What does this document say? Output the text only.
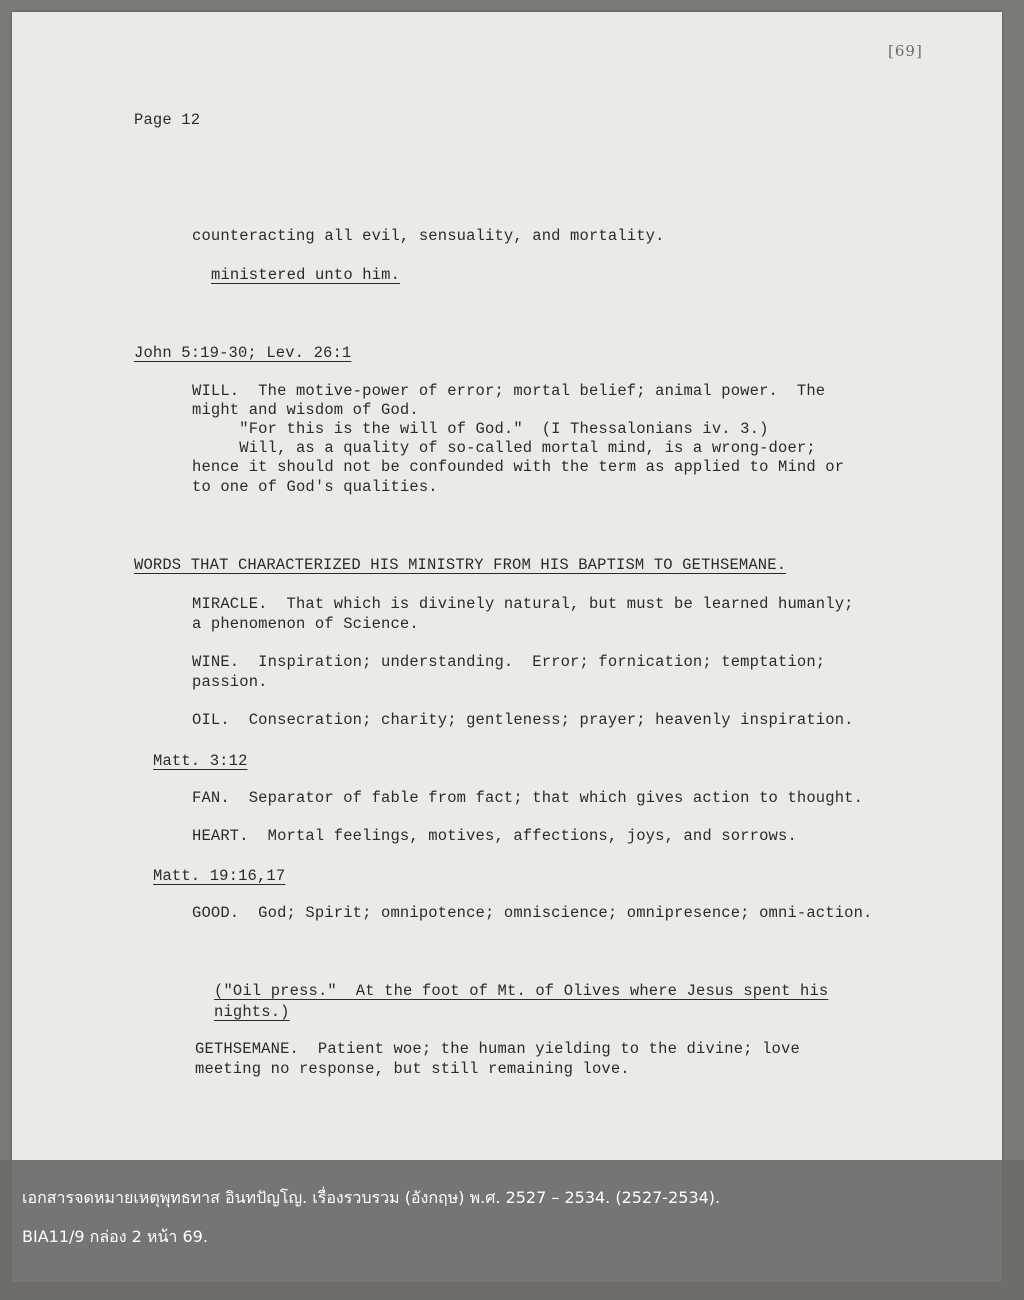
[69]
Page 12
counteracting all evil, sensuality, and mortality.
ministered unto him.
John 5:19-30; Lev. 26:1
WILL.  The motive-power of error; mortal belief; animal power.  The
might and wisdom of God.
"For this is the will of God."  (I Thessalonians iv. 3.)
Will, as a quality of so-called mortal mind, is a wrong-doer;
hence it should not be confounded with the term as applied to Mind or
to one of God's qualities.
WORDS THAT CHARACTERIZED HIS MINISTRY FROM HIS BAPTISM TO GETHSEMANE.
MIRACLE.  That which is divinely natural, but must be learned humanly;
a phenomenon of Science.
WINE.  Inspiration; understanding.  Error; fornication; temptation;
passion.
OIL.  Consecration; charity; gentleness; prayer; heavenly inspiration.
Matt. 3:12
FAN.  Separator of fable from fact; that which gives action to thought.
HEART.  Mortal feelings, motives, affections, joys, and sorrows.
Matt. 19:16,17
GOOD.  God; Spirit; omnipotence; omniscience; omnipresence; omni-action.
("Oil press."  At the foot of Mt. of Olives where Jesus spent his
nights.)
GETHSEMANE.  Patient woe; the human yielding to the divine; love
meeting no response, but still remaining love.
เอกสารจดหมายเหตุพุทธทาส อินทปัญโญ. เรื่องรวบรวม (อังกฤษ) พ.ศ. 2527 – 2534. (2527-2534).
BIA11/9 กล่อง 2 หน้า 69.
